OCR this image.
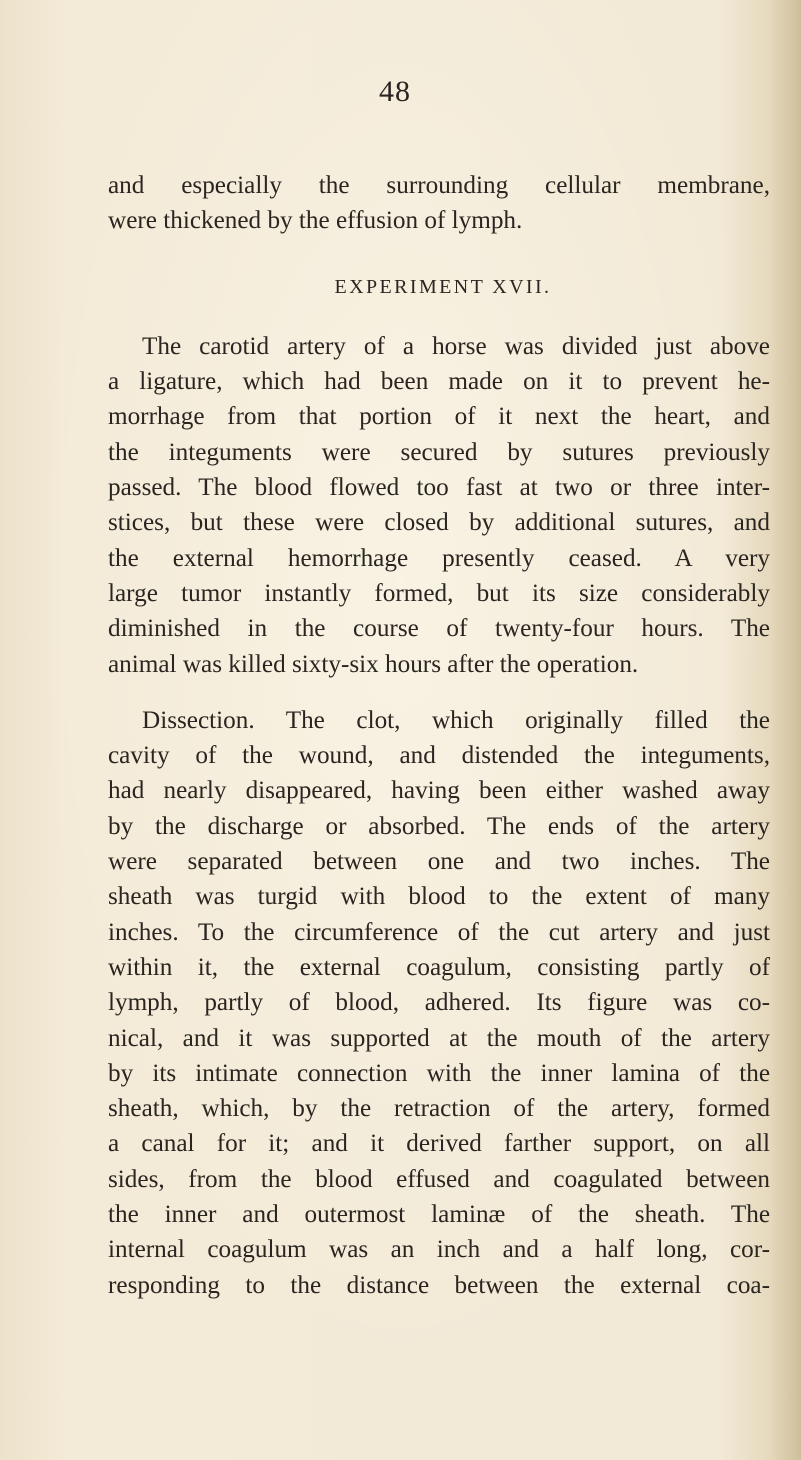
48
and especially the surrounding cellular membrane,
were thickened by the effusion of lymph.
EXPERIMENT XVII.
The carotid artery of a horse was divided just above
a ligature, which had been made on it to prevent he-
morrhage from that portion of it next the heart, and
the integuments were secured by sutures previously
passed. The blood flowed too fast at two or three inter-
stices, but these were closed by additional sutures, and
the external hemorrhage presently ceased. A very
large tumor instantly formed, but its size considerably
diminished in the course of twenty-four hours. The
animal was killed sixty-six hours after the operation.
Dissection. The clot, which originally filled the
cavity of the wound, and distended the integuments,
had nearly disappeared, having been either washed away
by the discharge or absorbed. The ends of the artery
were separated between one and two inches. The
sheath was turgid with blood to the extent of many
inches. To the circumference of the cut artery and just
within it, the external coagulum, consisting partly of
lymph, partly of blood, adhered. Its figure was co-
nical, and it was supported at the mouth of the artery
by its intimate connection with the inner lamina of the
sheath, which, by the retraction of the artery, formed
a canal for it; and it derived farther support, on all
sides, from the blood effused and coagulated between
the inner and outermost laminæ of the sheath. The
internal coagulum was an inch and a half long, cor-
responding to the distance between the external coa-
